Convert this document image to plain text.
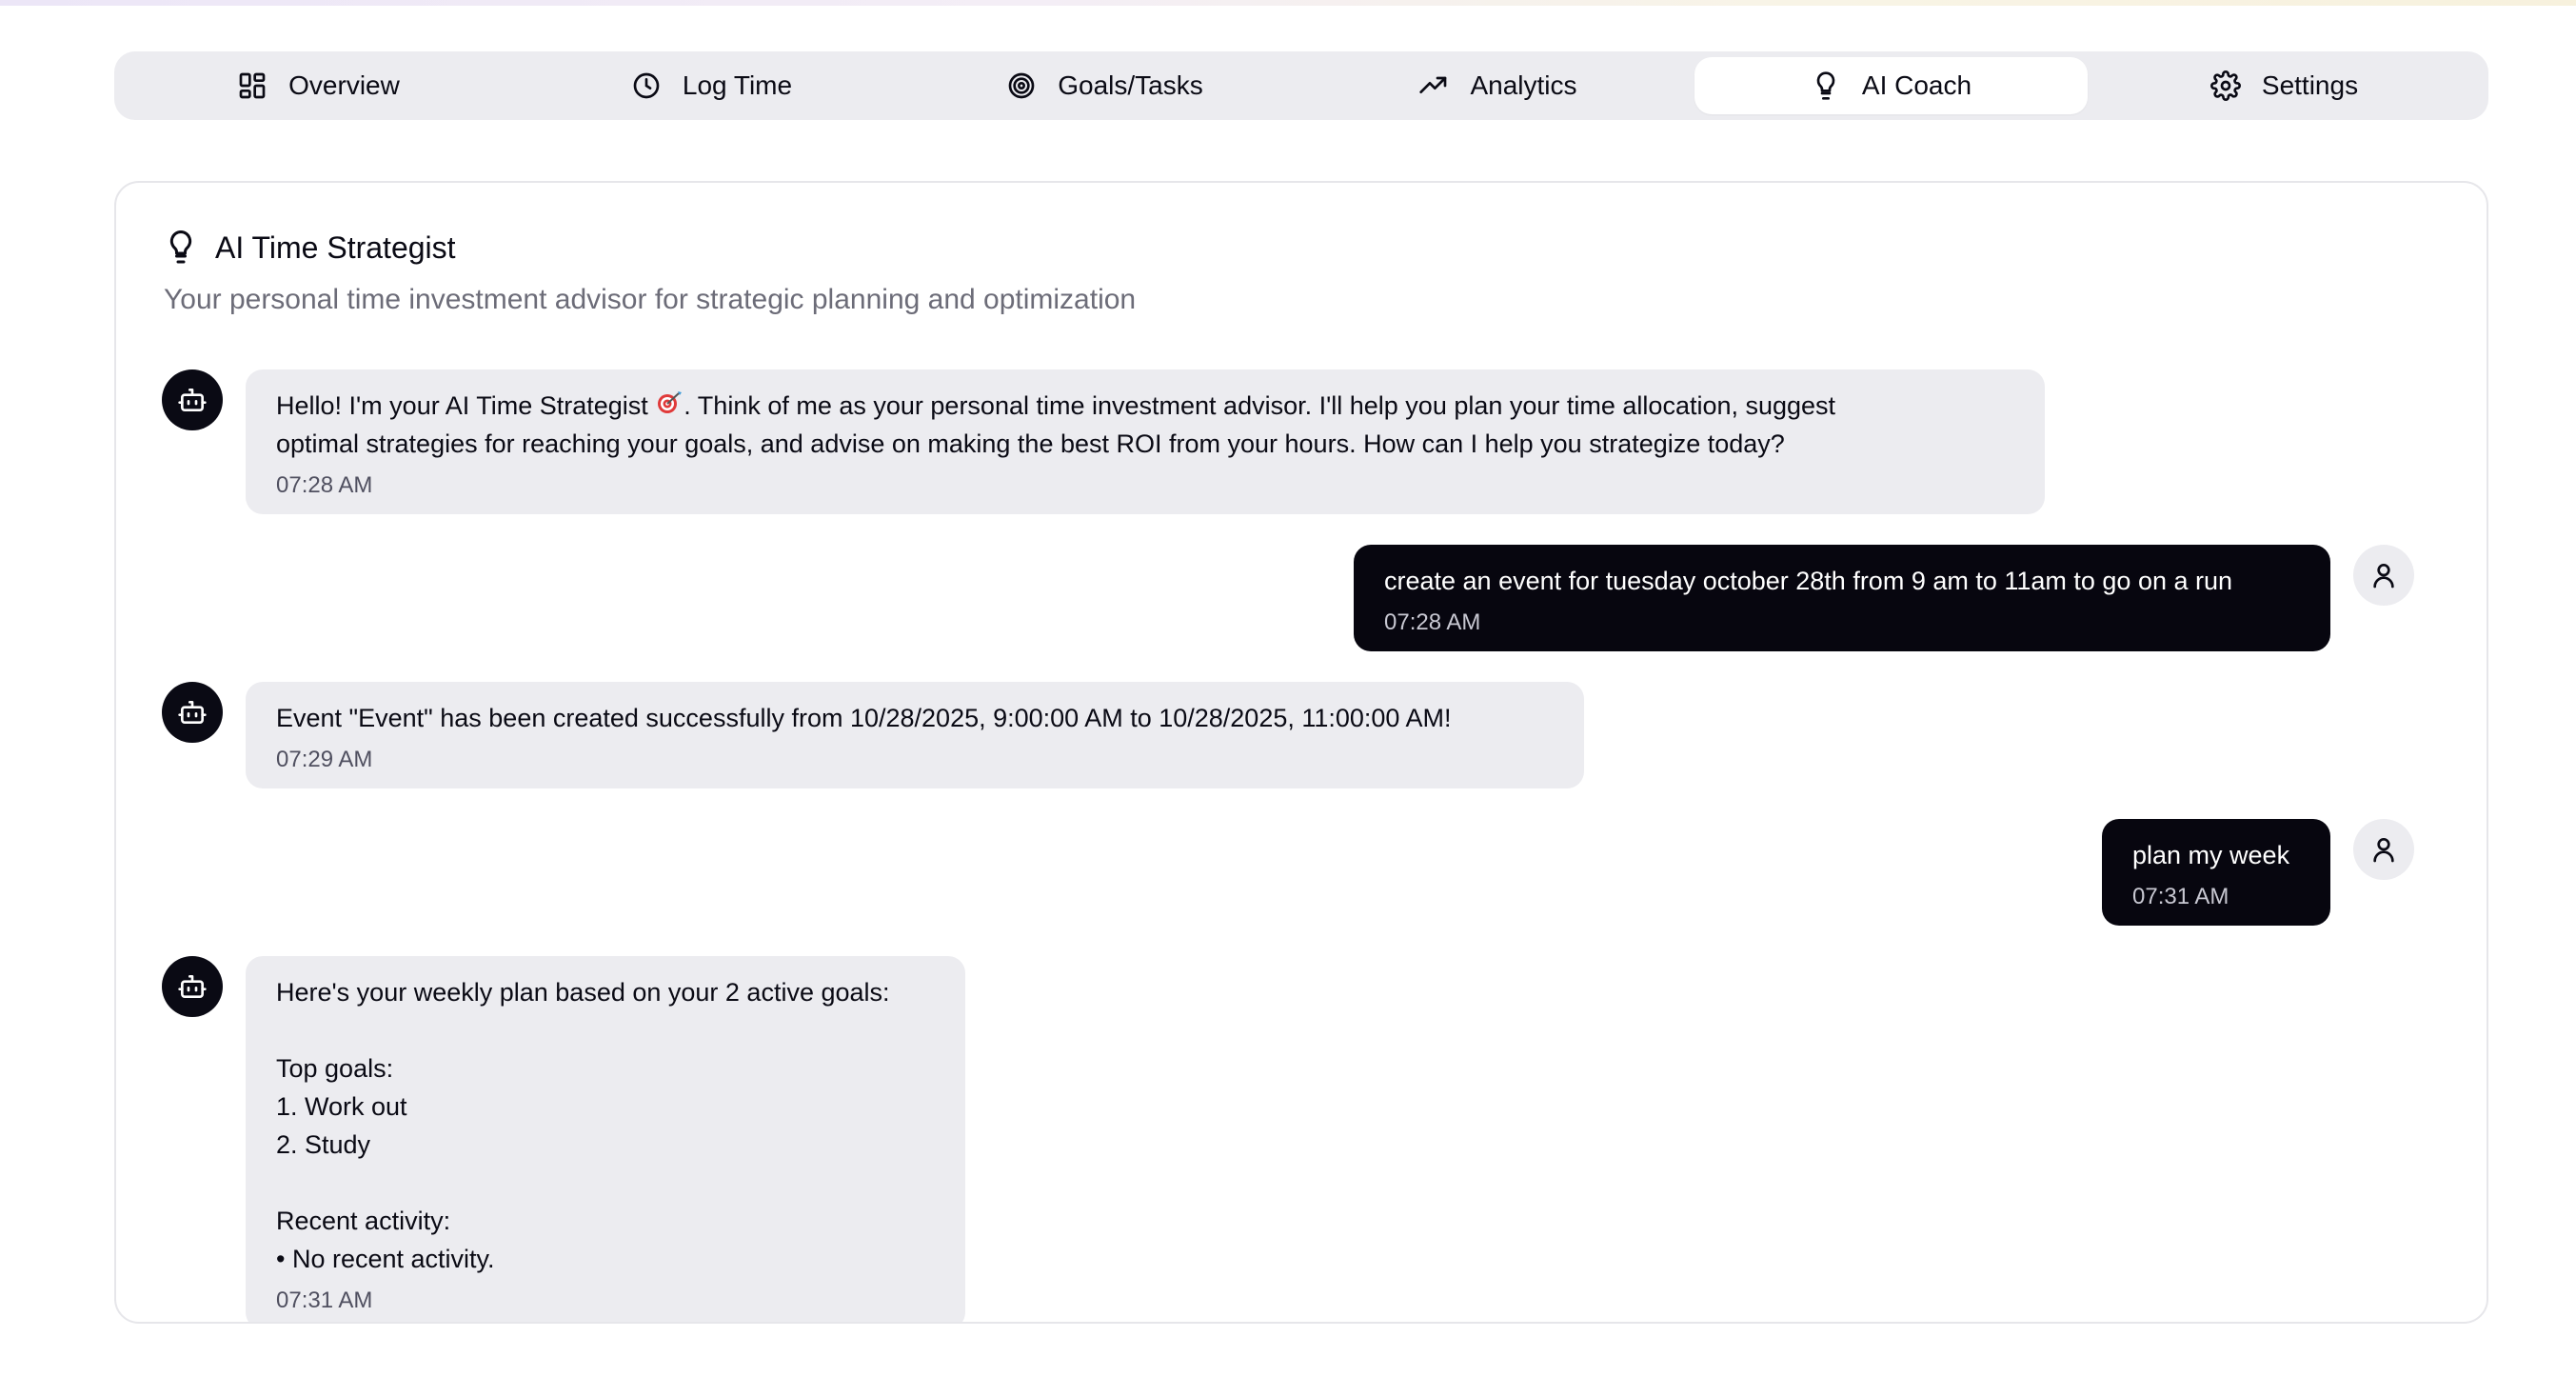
Overview	Log Time	Goals/Tasks	Analytics	AI Coach	Settings
AI Time Strategist
Your personal time investment advisor for strategic planning and optimization
Hello! I'm your AI Time Strategist . Think of me as your personal time investment advisor. I'll help you plan your time allocation, suggest
optimal strategies for reaching your goals, and advise on making the best ROI from your hours. How can I help you strategize today?
07:28 AM
create an event for tuesday october 28th from 9 am to 11am to go on a run
07:28 AM
Event "Event" has been created successfully from 10/28/2025, 9:00:00 AM to 10/28/2025, 11:00:00 AM!
07:29 AM
plan my week
07:31 AM
Here's your weekly plan based on your 2 active goals:

Top goals:
1. Work out
2. Study

Recent activity:
• No recent activity.
07:31 AM
